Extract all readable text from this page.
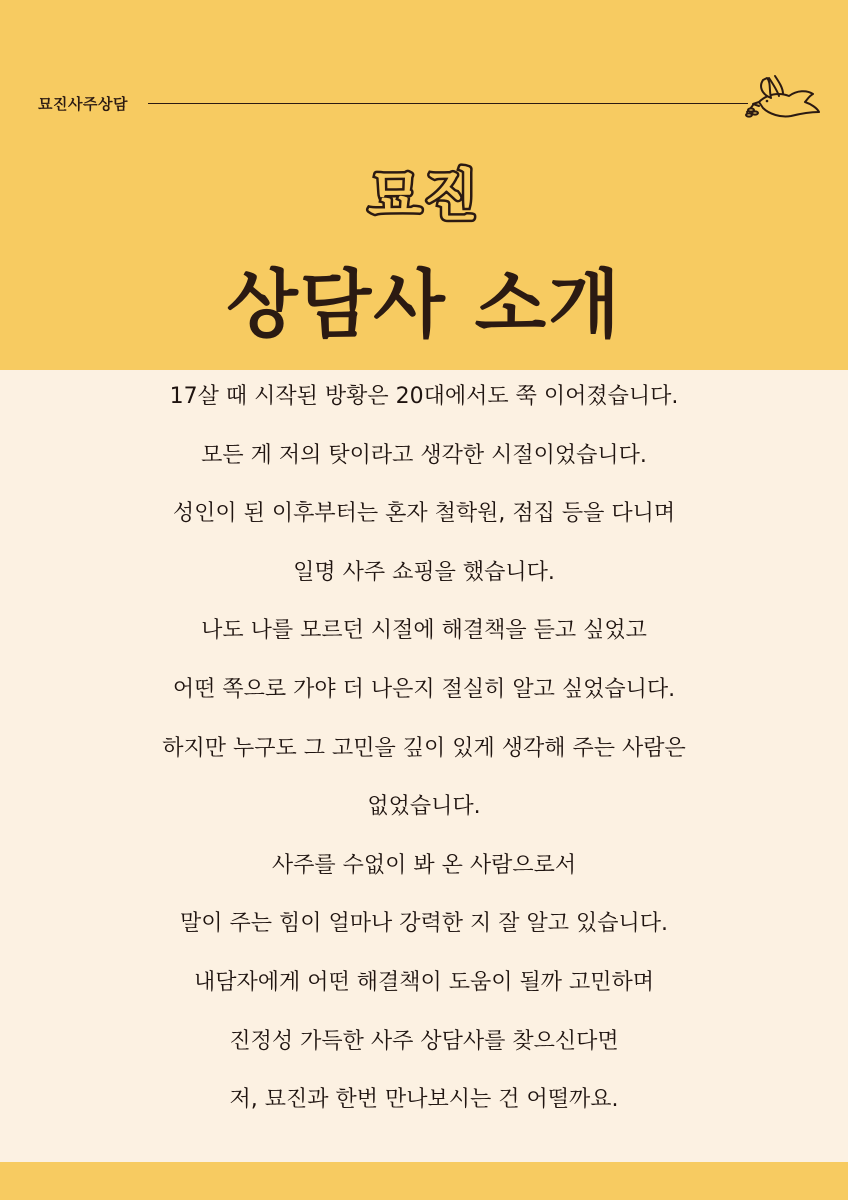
묘진사주상담
묘진
상담사 소개
17살 때 시작된 방황은 20대에서도 쭉 이어졌습니다.
모든 게 저의 탓이라고 생각한 시절이었습니다.
성인이 된 이후부터는 혼자 철학원, 점집 등을 다니며
일명 사주 쇼핑을 했습니다.
나도 나를 모르던 시절에 해결책을 듣고 싶었고
어떤 쪽으로 가야 더 나은지 절실히 알고 싶었습니다.
하지만 누구도 그 고민을 깊이 있게 생각해 주는 사람은
없었습니다.
사주를 수없이 봐 온 사람으로서
말이 주는 힘이 얼마나 강력한 지 잘 알고 있습니다.
내담자에게 어떤 해결책이 도움이 될까 고민하며
진정성 가득한 사주 상담사를 찾으신다면
저, 묘진과 한번 만나보시는 건 어떨까요.
